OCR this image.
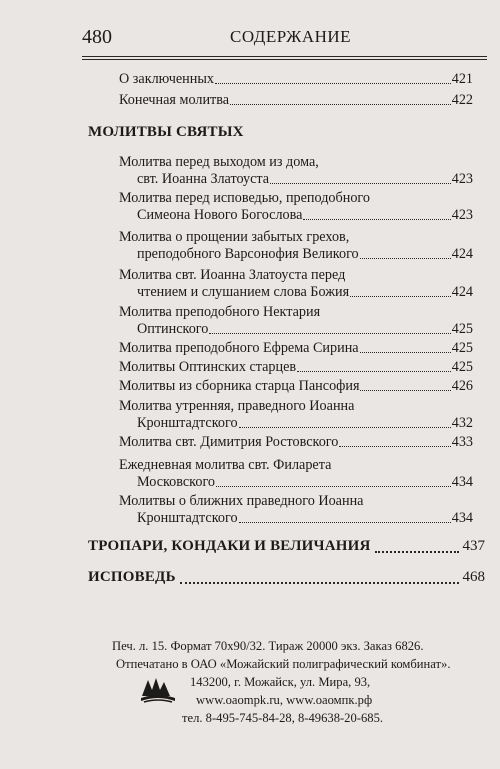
480	СОДЕРЖАНИЕ
О заключенных	421
Конечная молитва	422
МОЛИТВЫ СВЯТЫХ
Молитва перед выходом из дома,
свт. Иоанна Златоуста	423
Молитва перед исповедью, преподобного
Симеона Нового Богослова	423
Молитва о прощении забытых грехов,
преподобного Варсонофия Великого	424
Молитва свт. Иоанна Златоуста перед
чтением и слушанием слова Божия	424
Молитва преподобного Нектария
Оптинского	425
Молитва преподобного Ефрема Сирина	425
Молитвы Оптинских старцев	425
Молитвы из сборника старца Пансофия	426
Молитва утренняя, праведного Иоанна
Кронштадтского	432
Молитва свт. Димитрия Ростовского	433
Ежедневная молитва свт. Филарета
Московского	434
Молитвы о ближних праведного Иоанна
Кронштадтского	434
ТРОПАРИ, КОНДАКИ И ВЕЛИЧАНИЯ	437
ИСПОВЕДЬ	468
Печ. л. 15. Формат 70x90/32. Тираж 20000 экз. Заказ 6826.
Отпечатано в ОАО «Можайский полиграфический комбинат».
143200, г. Можайск, ул. Мира, 93,
www.oaompk.ru, www.оаомпк.рф
тел. 8-495-745-84-28, 8-49638-20-685.
